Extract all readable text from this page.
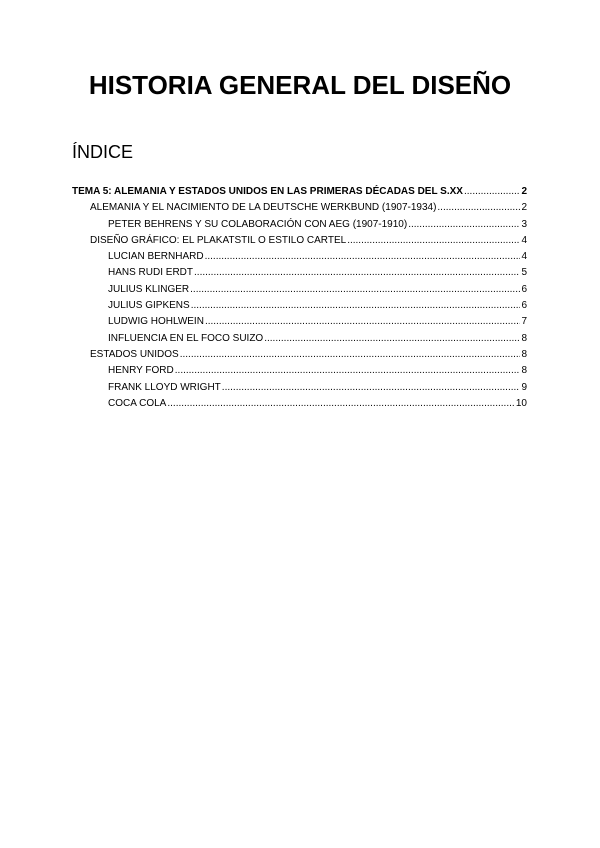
HISTORIA GENERAL DEL DISEÑO
ÍNDICE
TEMA 5: ALEMANIA Y ESTADOS UNIDOS EN LAS PRIMERAS DÉCADAS DEL S.XX .....	2
ALEMANIA Y EL NACIMIENTO DE LA DEUTSCHE WERKBUND (1907-1934) .....	2
PETER BEHRENS Y SU COLABORACIÓN CON AEG (1907-1910) .....	3
DISEÑO GRÁFICO: EL PLAKATSTIL O ESTILO CARTEL .....	4
LUCIAN BERNHARD .....	4
HANS RUDI ERDT .....	5
JULIUS KLINGER .....	6
JULIUS GIPKENS .....	6
LUDWIG HOHLWEIN .....	7
INFLUENCIA EN EL FOCO SUIZO .....	8
ESTADOS UNIDOS .....	8
HENRY FORD .....	8
FRANK LLOYD WRIGHT .....	9
COCA COLA .....	10
